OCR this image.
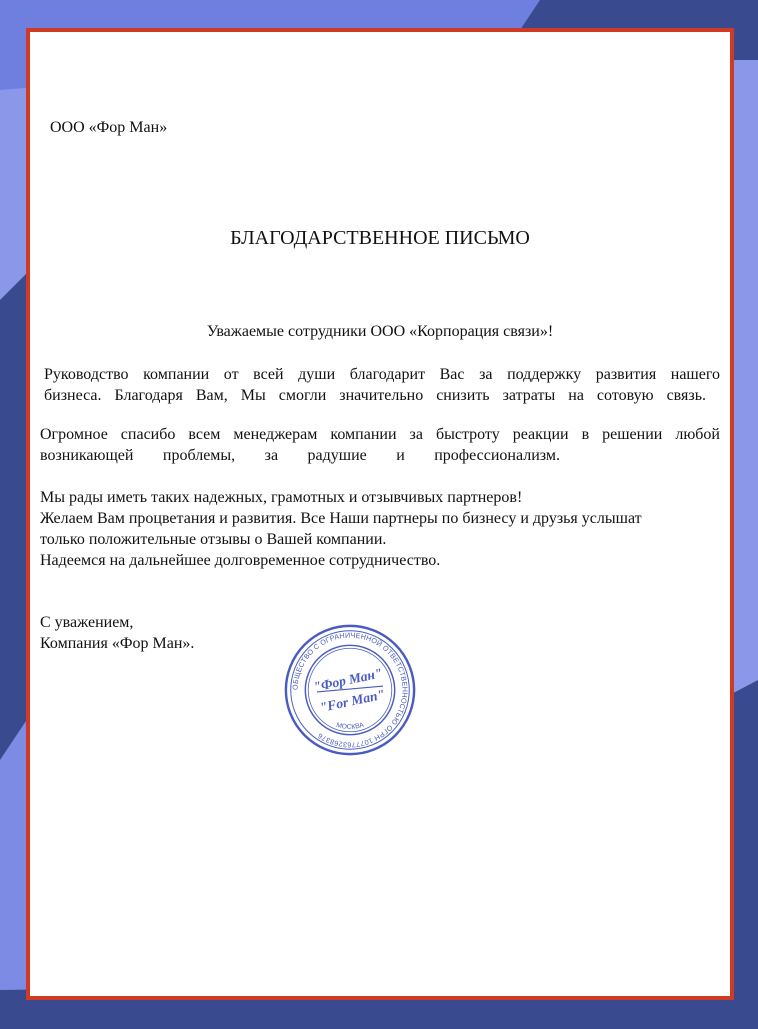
ООО «Фор Ман»
БЛАГОДАРСТВЕННОЕ ПИСЬМО
Уважаемые сотрудники ООО «Корпорация связи»!
Руководство компании от всей души благодарит Вас за поддержку развития нашего
бизнеса. Благодаря Вам, Мы смогли значительно снизить затраты на сотовую связь.
Огромное спасибо всем менеджерам компании за быстроту реакции в решении любой
возникающей проблемы, за радушие и профессионализм.
Мы рады иметь таких надежных, грамотных и отзывчивых партнеров!
Желаем Вам процветания и развития. Все Наши партнеры по бизнесу и друзья услышат
только положительные отзывы о Вашей компании.
Надеемся на дальнейшее долговременное сотрудничество.
С уважением,
Компания «Фор Ман».
ОБЩЕСТВО С ОГРАНИЧЕННОЙ ОТВЕТСТВЕННОСТЬЮ ОГРН 1077763268376
МОСКВА
"Фор Ман"
"For Man"
